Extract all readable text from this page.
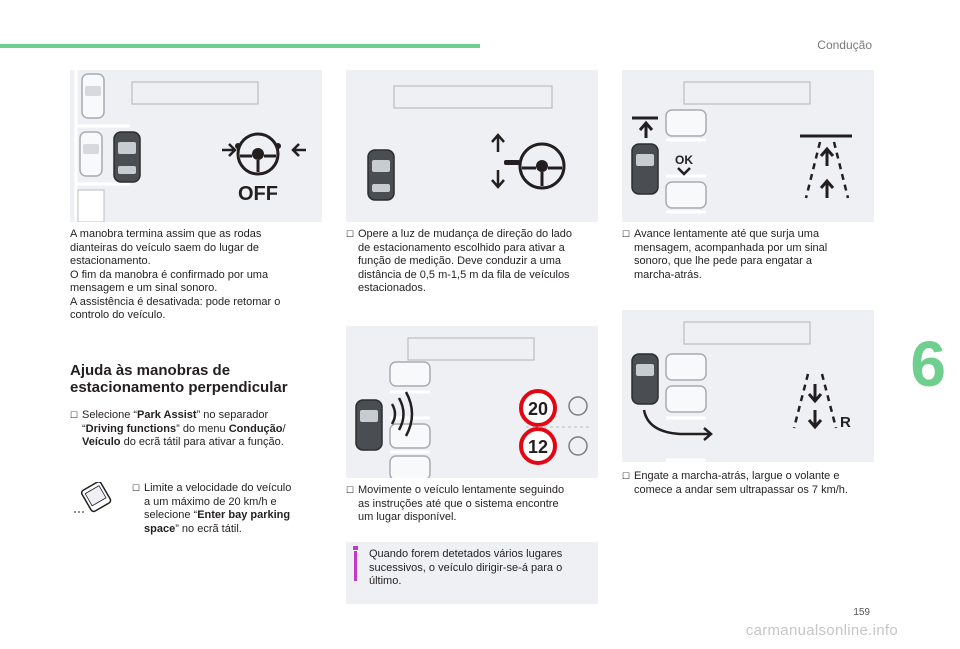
Condução
6
OFF
A manobra termina assim que as rodas
dianteiras do veículo saem do lugar de
estacionamento.
O fim da manobra é confirmado por uma
mensagem e um sinal sonoro.
A assistência é desativada: pode retomar o
controlo do veículo.
Ajuda às manobras de
estacionamento perpendicular
☐ Selecione “Park Assist” no separador
“Driving functions” do menu Condução/
Veículo do ecrã tátil para ativar a função.
☐ Limite a velocidade do veículo
a um máximo de 20 km/h e
selecione “Enter bay parking
space” no ecrã tátil.
☐ Opere a luz de mudança de direção do lado
de estacionamento escolhido para ativar a
função de medição. Deve conduzir a uma
distância de 0,5 m-1,5 m da fila de veículos
estacionados.
20
12
☐ Movimente o veículo lentamente seguindo
as instruções até que o sistema encontre
um lugar disponível.
Quando forem detetados vários lugares
sucessivos, o veículo dirigir-se-á para o
último.
OK
☐ Avance lentamente até que surja uma
mensagem, acompanhada por um sinal
sonoro, que lhe pede para engatar a
marcha-atrás.
R
☐ Engate a marcha-atrás, largue o volante e
comece a andar sem ultrapassar os 7 km/h.
159
carmanualsonline.info
